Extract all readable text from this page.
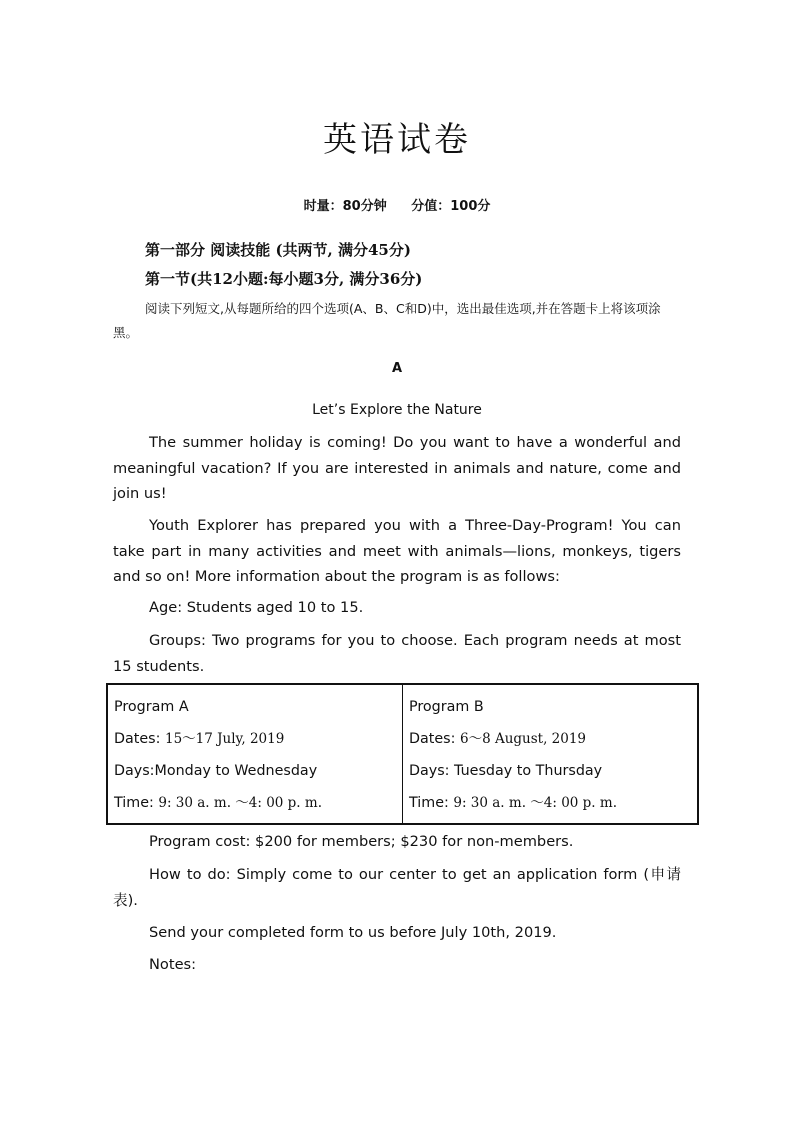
英语试卷
时量：80分钟 分值：100分
第一部分 阅读技能 (共两节, 满分45分)
第一节(共12小题:每小题3分, 满分36分)
阅读下列短文,从每题所给的四个选项(A、B、C和D)中，选出最佳选项,并在答题卡上将该项涂黑。
A
Let’s Explore the Nature
The summer holiday is coming! Do you want to have a wonderful and meaningful vacation? If you are interested in animals and nature, come and join us!
Youth Explorer has prepared you with a Three-Day-Program! You can take part in many activities and meet with animals—lions, monkeys, tigers and so on! More information about the program is as follows:
Age: Students aged 10 to 15.
Groups: Two programs for you to choose. Each program needs at most 15 students.
Program A
Dates: 15～17 July, 2019
Days:Monday to Wednesday
Time: 9: 30 a. m. ～4: 00 p. m.

Program B
Dates: 6～8 August, 2019
Days: Tuesday to Thursday
Time: 9: 30 a. m. ～4: 00 p. m.
Program cost: $200 for members; $230 for non-members.
How to do: Simply come to our center to get an application form (申请表).
Send your completed form to us before July 10th, 2019.
Notes:
